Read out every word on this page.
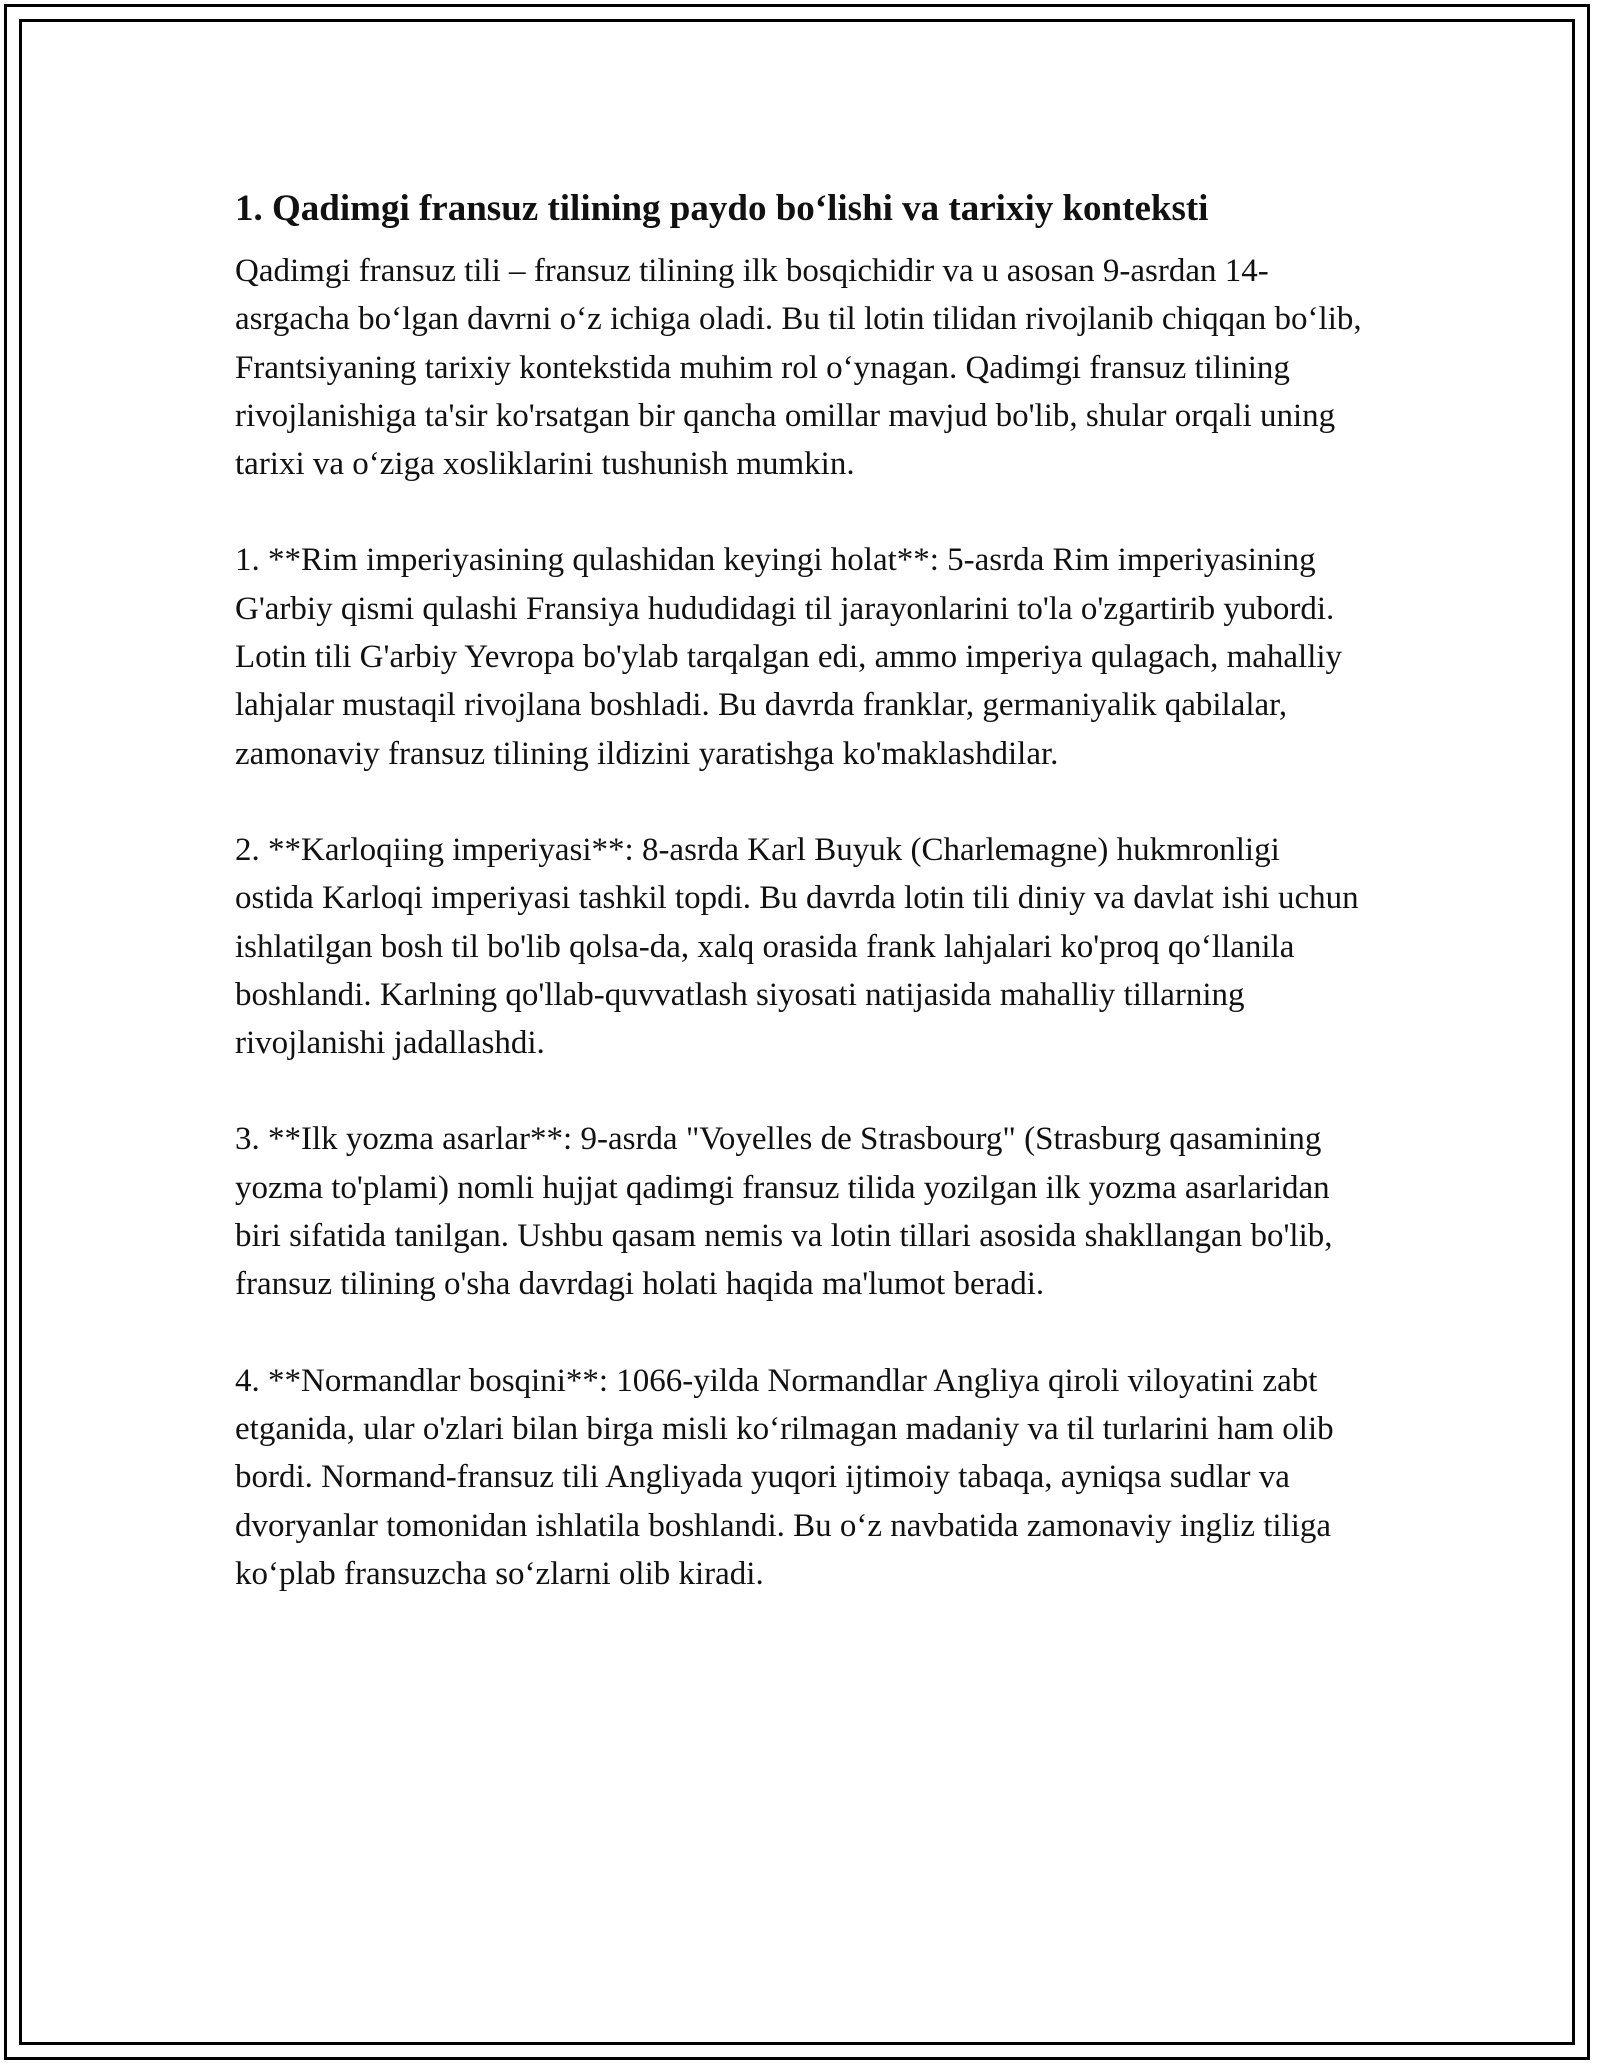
1. Qadimgi fransuz tilining paydo bo‘lishi va tarixiy konteksti

Qadimgi fransuz tili – fransuz tilining ilk bosqichidir va u asosan 9-asrdan 14-asrgacha bo‘lgan davrni o‘z ichiga oladi. Bu til lotin tilidan rivojlanib chiqqan bo‘lib, Frantsiyaning tarixiy kontekstida muhim rol o‘ynagan. Qadimgi fransuz tilining rivojlanishiga ta'sir ko'rsatgan bir qancha omillar mavjud bo'lib, shular orqali uning tarixi va o‘ziga xosliklarini tushunish mumkin.

1. **Rim imperiyasining qulashidan keyingi holat**: 5-asrda Rim imperiyasining G'arbiy qismi qulashi Fransiya hududidagi til jarayonlarini to'la o'zgartirib yubordi. Lotin tili G'arbiy Yevropa bo'ylab tarqalgan edi, ammo imperiya qulagach, mahalliy lahjalar mustaqil rivojlana boshladi. Bu davrda franklar, germaniyalik qabilalar, zamonaviy fransuz tilining ildizini yaratishga ko'maklashdilar.

2. **Karloqiing imperiyasi**: 8-asrda Karl Buyuk (Charlemagne) hukmronligi ostida Karloqi imperiyasi tashkil topdi. Bu davrda lotin tili diniy va davlat ishi uchun ishlatilgan bosh til bo'lib qolsa-da, xalq orasida frank lahjalari ko'proq qo‘llanila boshlandi. Karlning qo'llab-quvvatlash siyosati natijasida mahalliy tillarning rivojlanishi jadallashdi.

3. **Ilk yozma asarlar**: 9-asrda "Voyelles de Strasbourg" (Strasburg qasamining yozma to'plami) nomli hujjat qadimgi fransuz tilida yozilgan ilk yozma asarlaridan biri sifatida tanilgan. Ushbu qasam nemis va lotin tillari asosida shakllangan bo'lib, fransuz tilining o'sha davrdagi holati haqida ma'lumot beradi.

4. **Normandlar bosqini**: 1066-yilda Normandlar Angliya qiroli viloyatini zabt etganida, ular o'zlari bilan birga misli ko‘rilmagan madaniy va til turlarini ham olib bordi. Normand-fransuz tili Angliyada yuqori ijtimoiy tabaqa, ayniqsa sudlar va dvoryanlar tomonidan ishlatila boshlandi. Bu o‘z navbatida zamonaviy ingliz tiliga ko‘plab fransuzcha so‘zlarni olib kiradi.
